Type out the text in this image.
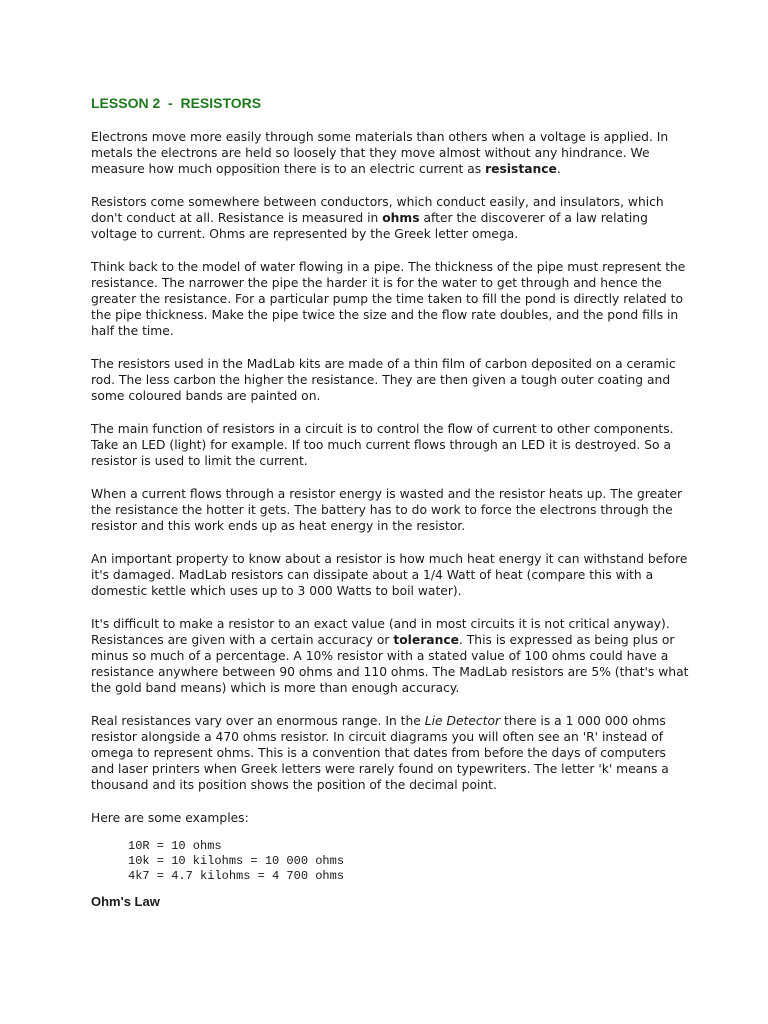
LESSON 2  -  RESISTORS

Electrons move more easily through some materials than others when a voltage is applied. In metals the electrons are held so loosely that they move almost without any hindrance. We measure how much opposition there is to an electric current as resistance.

Resistors come somewhere between conductors, which conduct easily, and insulators, which don't conduct at all. Resistance is measured in ohms after the discoverer of a law relating voltage to current. Ohms are represented by the Greek letter omega.

Think back to the model of water flowing in a pipe. The thickness of the pipe must represent the resistance. The narrower the pipe the harder it is for the water to get through and hence the greater the resistance. For a particular pump the time taken to fill the pond is directly related to the pipe thickness. Make the pipe twice the size and the flow rate doubles, and the pond fills in half the time.

The resistors used in the MadLab kits are made of a thin film of carbon deposited on a ceramic rod. The less carbon the higher the resistance. They are then given a tough outer coating and some coloured bands are painted on.

The main function of resistors in a circuit is to control the flow of current to other components. Take an LED (light) for example. If too much current flows through an LED it is destroyed. So a resistor is used to limit the current.

When a current flows through a resistor energy is wasted and the resistor heats up. The greater the resistance the hotter it gets. The battery has to do work to force the electrons through the resistor and this work ends up as heat energy in the resistor.

An important property to know about a resistor is how much heat energy it can withstand before it's damaged. MadLab resistors can dissipate about a 1/4 Watt of heat (compare this with a domestic kettle which uses up to 3 000 Watts to boil water).

It's difficult to make a resistor to an exact value (and in most circuits it is not critical anyway). Resistances are given with a certain accuracy or tolerance. This is expressed as being plus or minus so much of a percentage. A 10% resistor with a stated value of 100 ohms could have a resistance anywhere between 90 ohms and 110 ohms. The MadLab resistors are 5% (that's what the gold band means) which is more than enough accuracy.

Real resistances vary over an enormous range. In the Lie Detector there is a 1 000 000 ohms resistor alongside a 470 ohms resistor. In circuit diagrams you will often see an 'R' instead of omega to represent ohms. This is a convention that dates from before the days of computers and laser printers when Greek letters were rarely found on typewriters. The letter 'k' means a thousand and its position shows the position of the decimal point.

Here are some examples:

10R = 10 ohms
10k = 10 kilohms = 10 000 ohms
4k7 = 4.7 kilohms = 4 700 ohms
Ohm's Law
